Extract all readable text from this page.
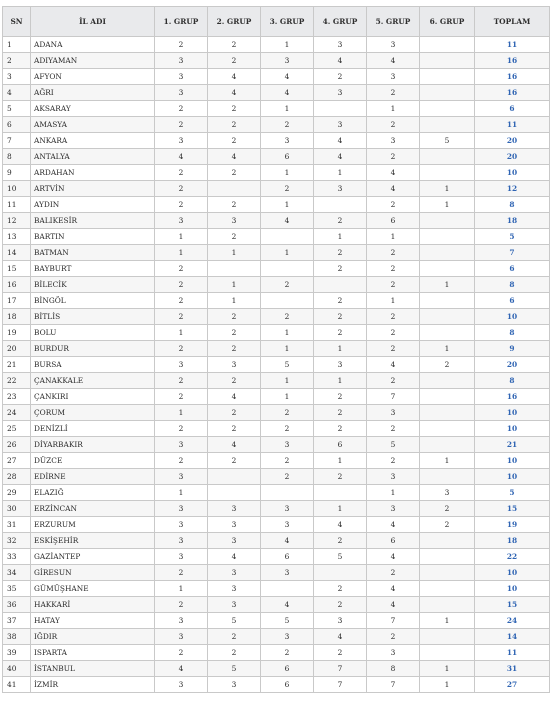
SN	İL ADI	1. GRUP	2. GRUP	3. GRUP	4. GRUP	5. GRUP	6. GRUP	TOPLAM
1	ADANA	2	2	1	3	3		11
2	ADIYAMAN	3	2	3	4	4		16
3	AFYON	3	4	4	2	3		16
4	AĞRI	3	4	4	3	2		16
5	AKSARAY	2	2	1		1		6
6	AMASYA	2	2	2	3	2		11
7	ANKARA	3	2	3	4	3	5	20
8	ANTALYA	4	4	6	4	2		20
9	ARDAHAN	2	2	1	1	4		10
10	ARTVİN	2		2	3	4	1	12
11	AYDIN	2	2	1		2	1	8
12	BALIKESİR	3	3	4	2	6		18
13	BARTIN	1	2		1	1		5
14	BATMAN	1	1	1	2	2		7
15	BAYBURT	2			2	2		6
16	BİLECİK	2	1	2		2	1	8
17	BİNGÖL	2	1		2	1		6
18	BİTLİS	2	2	2	2	2		10
19	BOLU	1	2	1	2	2		8
20	BURDUR	2	2	1	1	2	1	9
21	BURSA	3	3	5	3	4	2	20
22	ÇANAKKALE	2	2	1	1	2		8
23	ÇANKIRI	2	4	1	2	7		16
24	ÇORUM	1	2	2	2	3		10
25	DENİZLİ	2	2	2	2	2		10
26	DİYARBAKIR	3	4	3	6	5		21
27	DÜZCE	2	2	2	1	2	1	10
28	EDİRNE	3		2	2	3		10
29	ELAZIĞ	1				1	3	5
30	ERZİNCAN	3	3	3	1	3	2	15
31	ERZURUM	3	3	3	4	4	2	19
32	ESKİŞEHİR	3	3	4	2	6		18
33	GAZİANTEP	3	4	6	5	4		22
34	GİRESUN	2	3	3		2		10
35	GÜMÜŞHANE	1	3		2	4		10
36	HAKKARİ	2	3	4	2	4		15
37	HATAY	3	5	5	3	7	1	24
38	IĞDIR	3	2	3	4	2		14
39	ISPARTA	2	2	2	2	3		11
40	İSTANBUL	4	5	6	7	8	1	31
41	İZMİR	3	3	6	7	7	1	27
